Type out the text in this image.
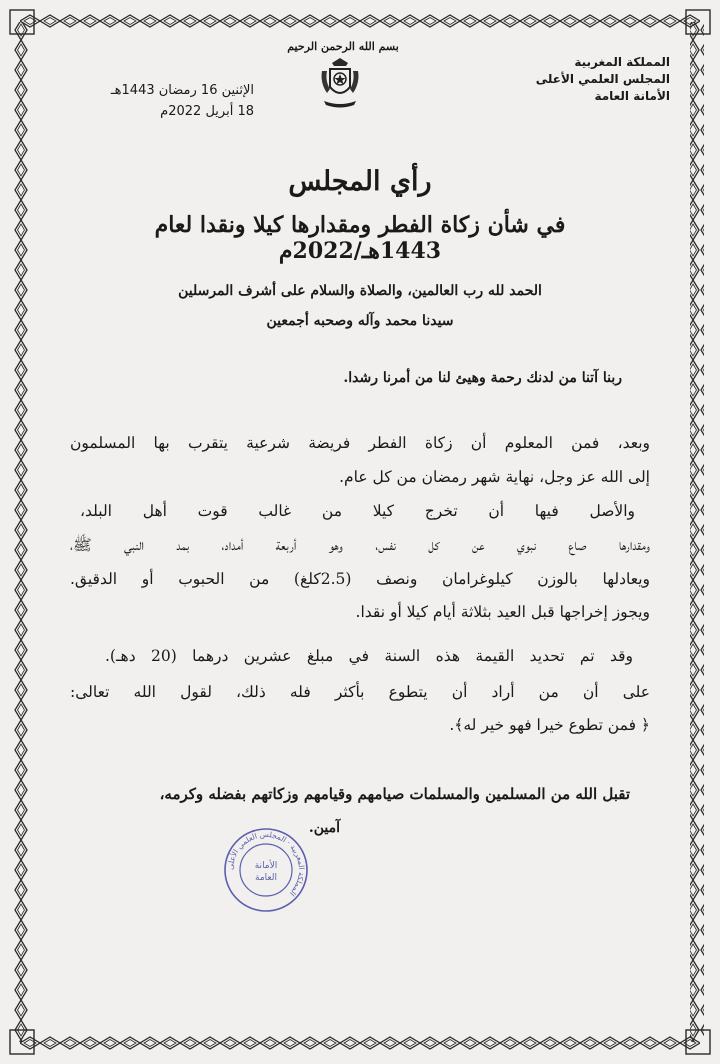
بسم الله الرحمن الرحيم
المملكة المغربية
المجلس العلمي الأعلى
الأمانة العامة
الإثنين 16 رمضان 1443هـ
18 أبريل 2022م
رأي المجلس
في شأن زكاة الفطر ومقدارها كيلا ونقدا لعام 1443هـ/2022م
الحمد لله رب العالمين، والصلاة والسلام على أشرف المرسلين
سيدنا محمد وآله وصحبه أجمعين
ربنا آتنا من لدنك رحمة وهيئ لنا من أمرنا رشدا.
وبعد، فمن المعلوم أن زكاة الفطر فريضة شرعية يتقرب بها المسلمون
إلى الله عز وجل، نهاية شهر رمضان من كل عام.
والأصل فيها أن تخرج كيلا من غالب قوت أهل البلد،
ومقدارها صاع نبوي عن كل نفس، وهو أربعة أمداد، بمد النبي ﷺ،
ويعادلها بالوزن كيلوغرامان ونصف (2.5كلغ) من الحبوب أو الدقيق.
ويجوز إخراجها قبل العيد بثلاثة أيام كيلا أو نقدا.
وقد تم تحديد القيمة هذه السنة في مبلغ عشرين درهما (20 دهـ).
على أن من أراد أن يتطوع بأكثر فله ذلك، لقول الله تعالى:
﴿ فمن تطوع خيرا فهو خير له﴾.
تقبل الله من المسلمين والمسلمات صيامهم وقيامهم وزكاتهم بفضله وكرمه،
آمين.
المملكة المغربية · المجلس العلمي الأعلى
الأمانة
العامة
